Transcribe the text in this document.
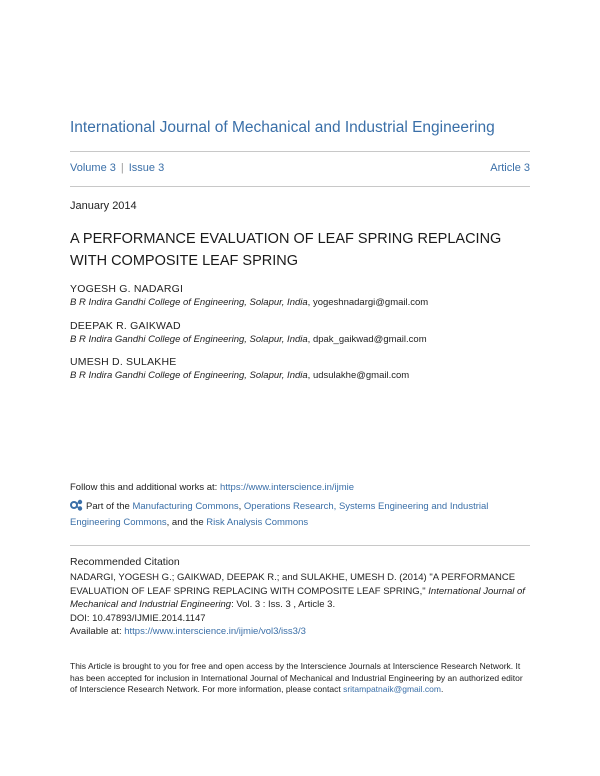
International Journal of Mechanical and Industrial Engineering
Volume 3 | Issue 3	Article 3
January 2014
A PERFORMANCE EVALUATION OF LEAF SPRING REPLACING WITH COMPOSITE LEAF SPRING
YOGESH G. NADARGI
B R Indira Gandhi College of Engineering, Solapur, India, yogeshnadargi@gmail.com
DEEPAK R. GAIKWAD
B R Indira Gandhi College of Engineering, Solapur, India, dpak_gaikwad@gmail.com
UMESH D. SULAKHE
B R Indira Gandhi College of Engineering, Solapur, India, udsulakhe@gmail.com
Follow this and additional works at: https://www.interscience.in/ijmie
Part of the Manufacturing Commons, Operations Research, Systems Engineering and Industrial Engineering Commons, and the Risk Analysis Commons
Recommended Citation
NADARGI, YOGESH G.; GAIKWAD, DEEPAK R.; and SULAKHE, UMESH D. (2014) "A PERFORMANCE EVALUATION OF LEAF SPRING REPLACING WITH COMPOSITE LEAF SPRING," International Journal of Mechanical and Industrial Engineering: Vol. 3 : Iss. 3 , Article 3.
DOI: 10.47893/IJMIE.2014.1147
Available at: https://www.interscience.in/ijmie/vol3/iss3/3
This Article is brought to you for free and open access by the Interscience Journals at Interscience Research Network. It has been accepted for inclusion in International Journal of Mechanical and Industrial Engineering by an authorized editor of Interscience Research Network. For more information, please contact sritampatnaik@gmail.com.
